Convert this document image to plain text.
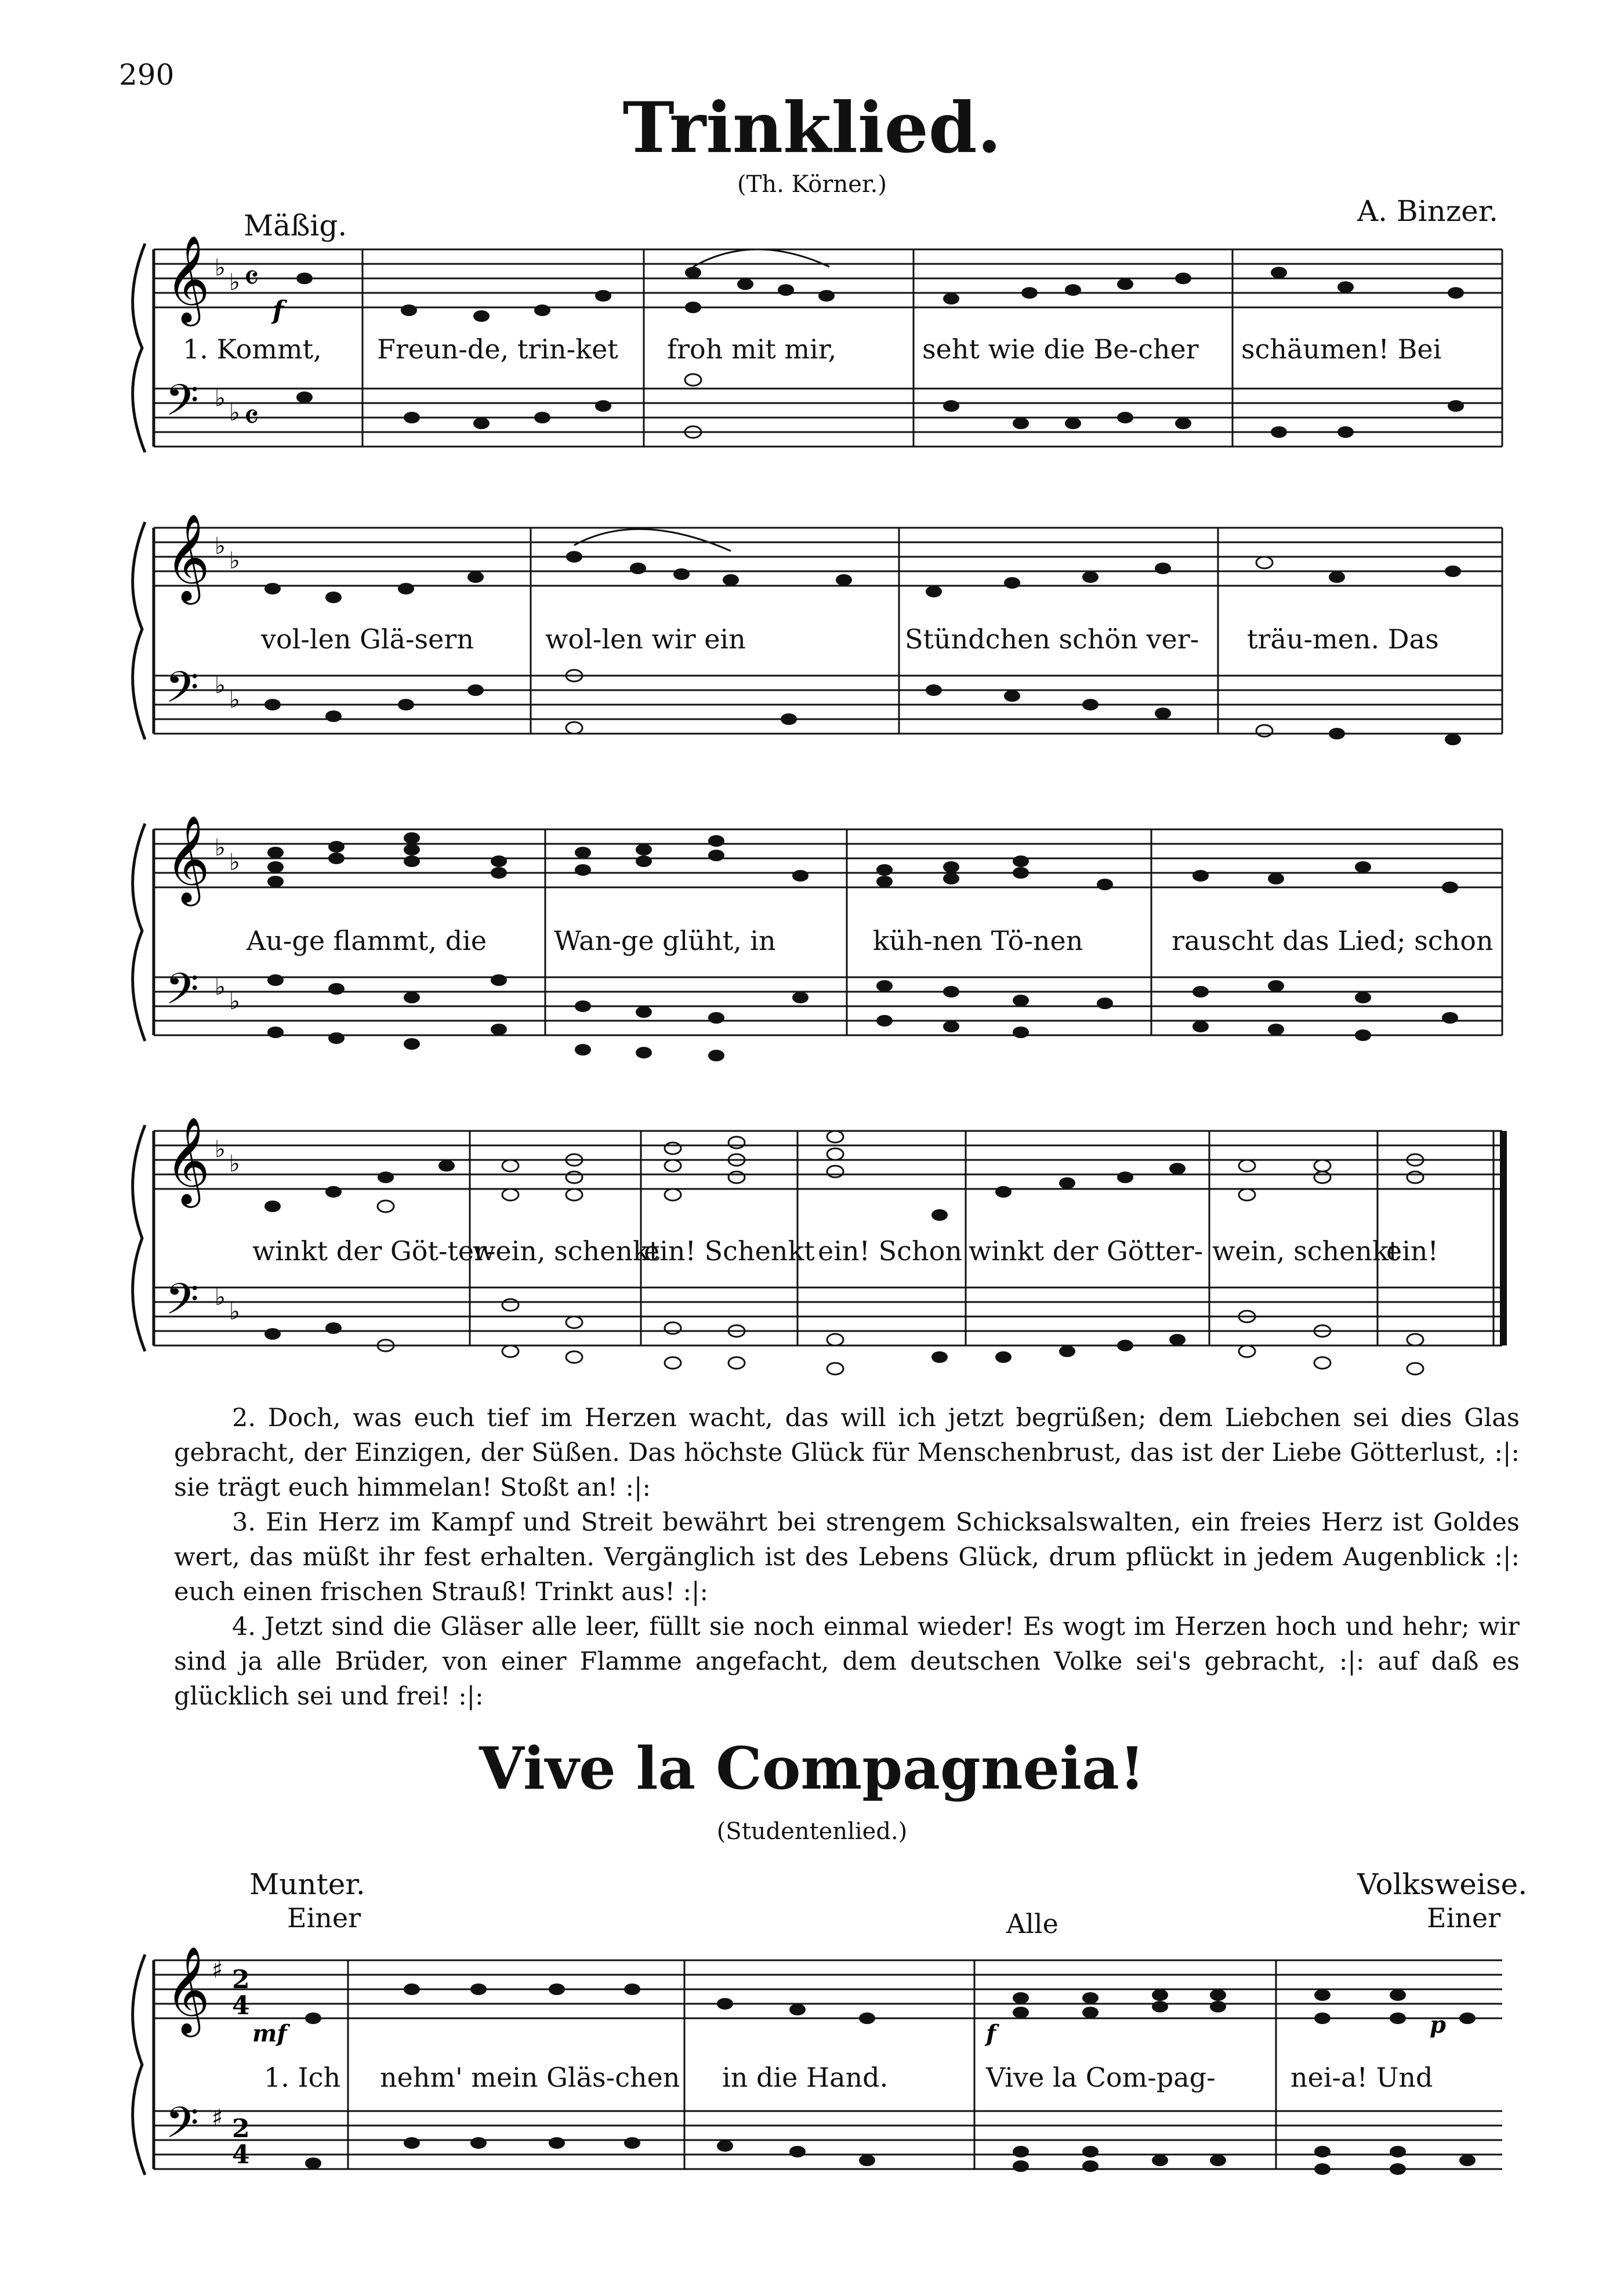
290
Trinklied.
(Th. Körner.)
Mäßig.	A. Binzer.
𝄞
𝄢
♭
♭
♭
♭
𝄴
𝄴
f
1. Kommt, Freun-de, trin-ket froh mit mir,	seht wie die Be-cher schäumen! Bei
𝄞
𝄢
♭
♭
♭
♭
vol-len Glä-sern	wol-len wir ein	Stündchen schön ver- träu-men. Das
𝄞
𝄢
♭
♭
♭
♭
Au-ge flammt, die	Wan-ge glüht, in	küh-nen Tö-nen	rauscht das Lied; schon
𝄞
𝄢
♭
♭
♭
♭
winkt der Göt-ter-
wein, schenkt
ein! Schenkt ein! Schon winkt der Götter- wein, schenkt
ein!

2. Doch, was euch tief im Herzen wacht, das will ich jetzt begrüßen; dem Liebchen sei dies Glas gebracht, der Einzigen, der Süßen. Das höchste Glück für Menschenbrust, das ist der Liebe Götterlust, :|: sie trägt euch himmelan! Stoßt an! :|:

3. Ein Herz im Kampf und Streit bewährt bei strengem Schicksalswalten, ein freies Herz ist Goldes wert, das müßt ihr fest erhalten. Vergänglich ist des Lebens Glück, drum pflückt in jedem Augenblick :|: euch einen frischen Strauß! Trinkt aus! :|:

4. Jetzt sind die Gläser alle leer, füllt sie noch einmal wieder! Es wogt im Herzen hoch und hehr; wir sind ja alle Brüder, von einer Flamme angefacht, dem deutschen Volke sei's gebracht, :|: auf daß es glücklich sei und frei! :|:

Vive la Compagneia!
(Studentenlied.)
Munter.	Volksweise.
Einer	Alle	Einer
𝄞
𝄢
♯
♯
2
4
2
4
mf	f	p
1. Ich nehm' mein Gläs-chen in die Hand.	Vive la Com-pag-	nei-a! Und
